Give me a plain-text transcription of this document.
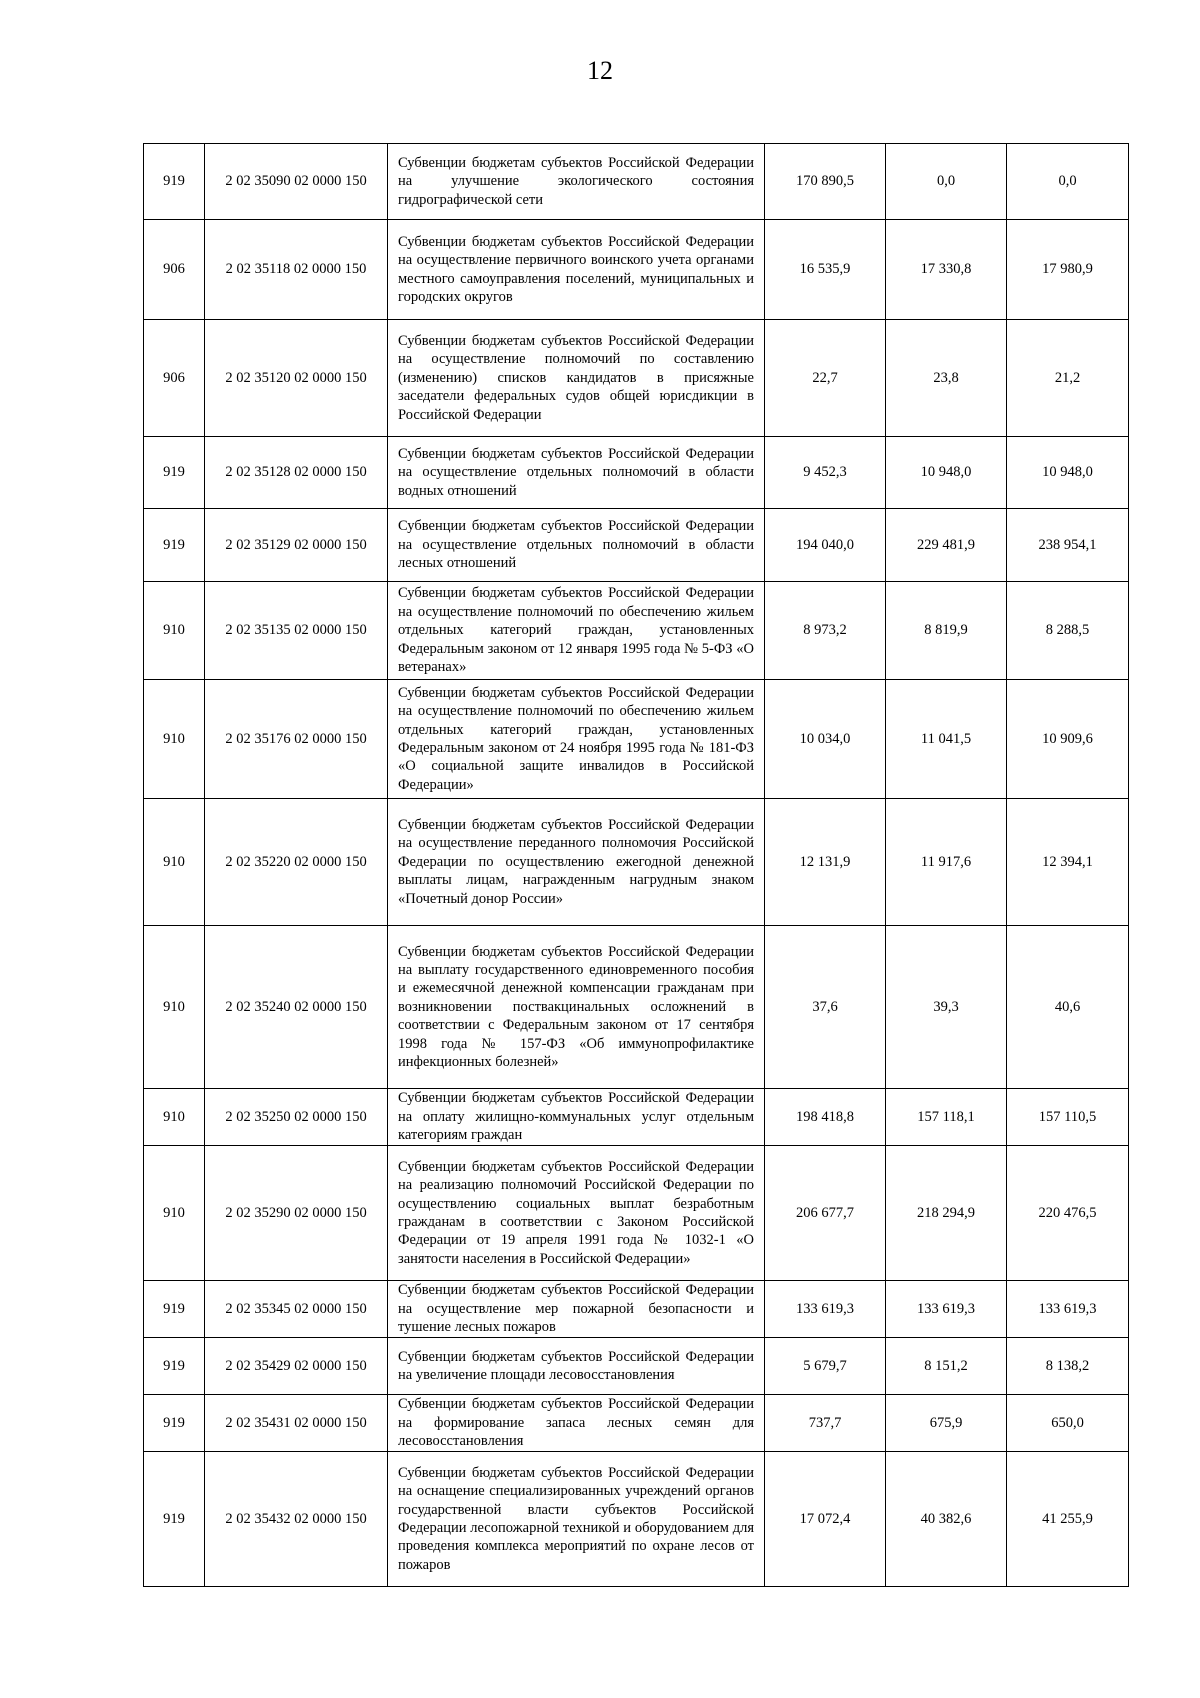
12
919	2 02 35090 02 0000 150	Субвенции бюджетам субъектов Российской Федерации на улучшение экологического состояния гидрографической сети	170 890,5	0,0	0,0
906	2 02 35118 02 0000 150	Субвенции бюджетам субъектов Российской Федерации на осуществление первичного воинского учета органами местного самоуправления поселений, муниципальных и городских округов	16 535,9	17 330,8	17 980,9
906	2 02 35120 02 0000 150	Субвенции бюджетам субъектов Российской Федерации на осуществление полномочий по составлению (изменению) списков кандидатов в присяжные заседатели федеральных судов общей юрисдикции в Российской Федерации	22,7	23,8	21,2
919	2 02 35128 02 0000 150	Субвенции бюджетам субъектов Российской Федерации на осуществление отдельных полномочий в области водных отношений	9 452,3	10 948,0	10 948,0
919	2 02 35129 02 0000 150	Субвенции бюджетам субъектов Российской Федерации на осуществление отдельных полномочий в области лесных отношений	194 040,0	229 481,9	238 954,1
910	2 02 35135 02 0000 150	Субвенции бюджетам субъектов Российской Федерации на осуществление полномочий по обеспечению жильем отдельных категорий граждан, установленных Федеральным законом от 12 января 1995 года № 5-ФЗ «О ветеранах»	8 973,2	8 819,9	8 288,5
910	2 02 35176 02 0000 150	Субвенции бюджетам субъектов Российской Федерации на осуществление полномочий по обеспечению жильем отдельных категорий граждан, установленных Федеральным законом от 24 ноября 1995 года № 181-ФЗ «О социальной защите инвалидов в Российской Федерации»	10 034,0	11 041,5	10 909,6
910	2 02 35220 02 0000 150	Субвенции бюджетам субъектов Российской Федерации на осуществление переданного полномочия Российской Федерации по осуществлению ежегодной денежной выплаты лицам, награжденным нагрудным знаком «Почетный донор России»	12 131,9	11 917,6	12 394,1
910	2 02 35240 02 0000 150	Субвенции бюджетам субъектов Российской Федерации на выплату государственного единовременного пособия и ежемесячной денежной компенсации гражданам при возникновении поствакцинальных осложнений в соответствии с Федеральным законом от 17 сентября 1998 года № 157-ФЗ «Об иммунопрофилактике инфекционных болезней»	37,6	39,3	40,6
910	2 02 35250 02 0000 150	Субвенции бюджетам субъектов Российской Федерации на оплату жилищно-коммунальных услуг отдельным категориям граждан	198 418,8	157 118,1	157 110,5
910	2 02 35290 02 0000 150	Субвенции бюджетам субъектов Российской Федерации на реализацию полномочий Российской Федерации по осуществлению социальных выплат безработным гражданам в соответствии с Законом Российской Федерации от 19 апреля 1991 года № 1032-1 «О занятости населения в Российской Федерации»	206 677,7	218 294,9	220 476,5
919	2 02 35345 02 0000 150	Субвенции бюджетам субъектов Российской Федерации на осуществление мер пожарной безопасности и тушение лесных пожаров	133 619,3	133 619,3	133 619,3
919	2 02 35429 02 0000 150	Субвенции бюджетам субъектов Российской Федерации на увеличение площади лесовосстановления	5 679,7	8 151,2	8 138,2
919	2 02 35431 02 0000 150	Субвенции бюджетам субъектов Российской Федерации на формирование запаса лесных семян для лесовосстановления	737,7	675,9	650,0
919	2 02 35432 02 0000 150	Субвенции бюджетам субъектов Российской Федерации на оснащение специализированных учреждений органов государственной власти субъектов Российской Федерации лесопожарной техникой и оборудованием для проведения комплекса мероприятий по охране лесов от пожаров	17 072,4	40 382,6	41 255,9
